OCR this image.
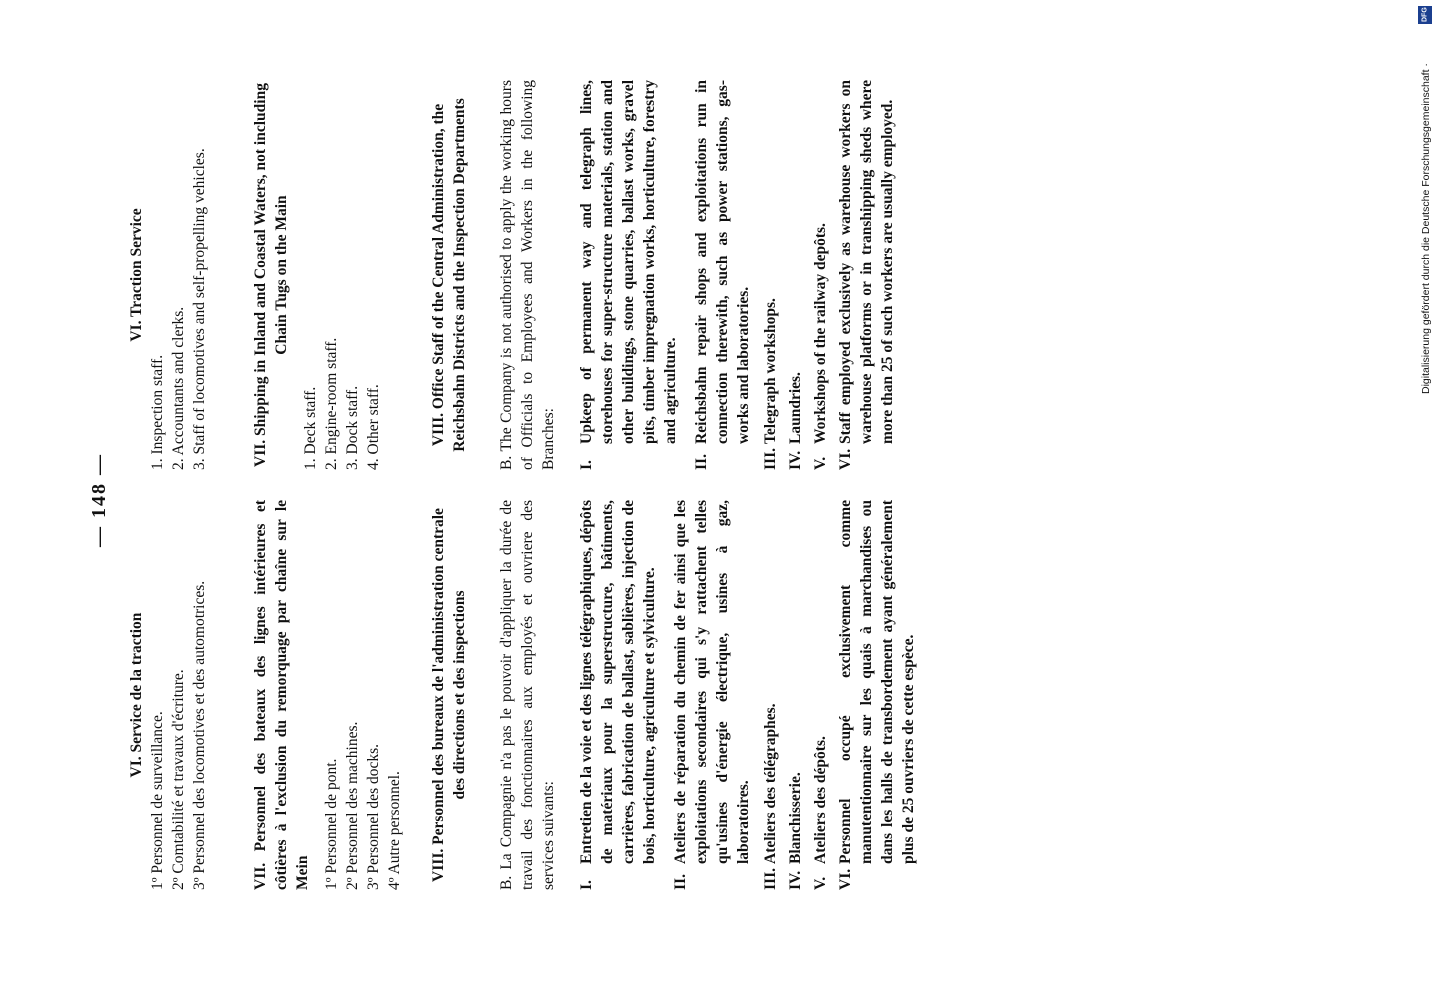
— 148 —
VI. Service de la traction
1º Personnel de surveillance. 2º Comtabilité et travaux d'écriture. 3º Personnel des locomotives et des automotrices.	VII. Personnel des bateaux des lignes intérieures et côtières à l'exclusion du remorquage par chaîne sur le Mein 1º Personnel de pont. 2º Personnel des machines. 3º Personnel des docks. 4º Autre personnel. VIII. Personnel des bureaux de l'administration centrale des directions et des inspections B. La Compagnie n'a pas le pouvoir d'appliquer la durée de travail des fonctionnaires aux employés et ouvriere des services suivants: I.
Entretien de la voie et des lignes télégraphiques, dépôts de matériaux pour la superstructure, bâtiments, carrières, fabrication de ballast, sablières, injection de bois, horticulture, agriculture et sylviculture.
II.
Ateliers de réparation du chemin de fer ainsi que les exploitations secondaires qui s'y rattachent telles qu'usines d'énergie électrique, usines à gaz, laboratoires.
III.
Ateliers des télégraphes.
IV.
Blanchisserie.
V.
Ateliers des dépôts.
VI.
Personnel occupé exclusivement comme manutentionnaire sur les quais à marchandises ou dans les halls de transbordement ayant généralement plus de 25 ouvriers de cette espèce.
VI. Traction Service
1. Inspection staff. 2. Accountants and clerks. 3. Staff of locomotives and self-propelling vehicles.	VII. Shipping in Inland and Coastal Waters, not including Chain Tugs on the Main
1. Deck staff. 2. Engine-room staff. 3. Dock staff. 4. Other staff.	VIII. Office Staff of the Central Administration, the Reichsbahn Districts and the Inspection Departments B. The Company is not authorised to apply the working hours of Officials to Employees and Workers in the following Branches: I.
Upkeep of permanent way and telegraph lines, storehouses for super-structure materials, station and other buildings, stone quarries, ballast works, gravel pits, timber impregnation works, horticulture, forestry and agriculture.
II.
Reichsbahn repair shops and exploitations run in connection therewith, such as power stations, gas-works and laboratories.
III.
Telegraph workshops.
IV.
Laundries.
V.
Workshops of the railway depôts.
VI.
Staff employed exclusively as warehouse workers on warehouse platforms or in transhipping sheds where more than 25 of such workers are usually employed.
DFG
Digitalisierung gefördert durch die Deutsche Forschungsgemeinschaft ·
